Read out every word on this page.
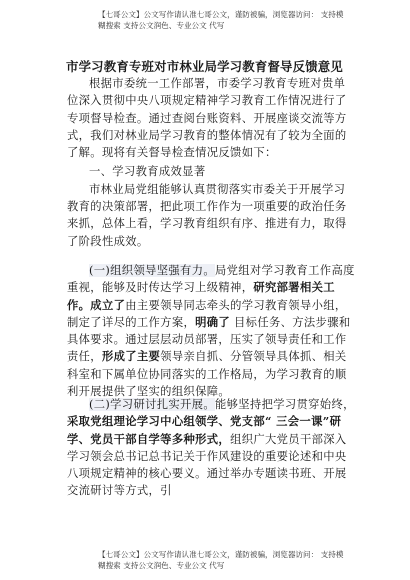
【七哥公文】公文写作请认准七哥公文，谨防被骗，浏览器访问： 支持模
糊搜索 支持公文润色、专业公文 代写
市学习教育专班对市林业局学习教育督导反馈意见

根据市委统一工作部署，市委学习教育专班对贵单位深入贯彻中央八项规定精神学习教育工作情况进行了专项督导检查。通过查阅台账资料、开展座谈交流等方式，我们对林业局学习教育的整体情况有了较为全面的了解。现将有关督导检查情况反馈如下：

一、学习教育成效显著

市林业局党组能够认真贯彻落实市委关于开展学习教育的决策部署，把此项工作作为一项重要的政治任务来抓，总体上看，学习教育组织有序、推进有力，取得了阶段性成效。

(一)组织领导坚强有力。局党组对学习教育工作高度重视，能够及时传达学习上级精神，研究部署相关工作。成立了由主要领导同志牵头的学习教育领导小组，制定了详尽的工作方案，明确了 目标任务、方法步骤和具体要求。通过层层动员部署，压实了领导责任和工作责任，形成了主要领导亲自抓、分管领导具体抓、相关科室和下属单位协同落实的工作格局，为学习教育的顺利开展提供了坚实的组织保障。

(二)学习研讨扎实开展。能够坚持把学习贯穿始终，采取党组理论学习中心组领学、党支部“ 三会一课”研学、党员干部自学等多种形式，组织广大党员干部深入学习领会总书记总书记关于作风建设的重要论述和中央八项规定精神的核心要义。通过举办专题读书班、开展交流研讨等方式，引

【七哥公文】公文写作请认准七哥公文，谨防被骗，浏览器访问： 支持模
糊搜索 支持公文润色、专业公文 代写
